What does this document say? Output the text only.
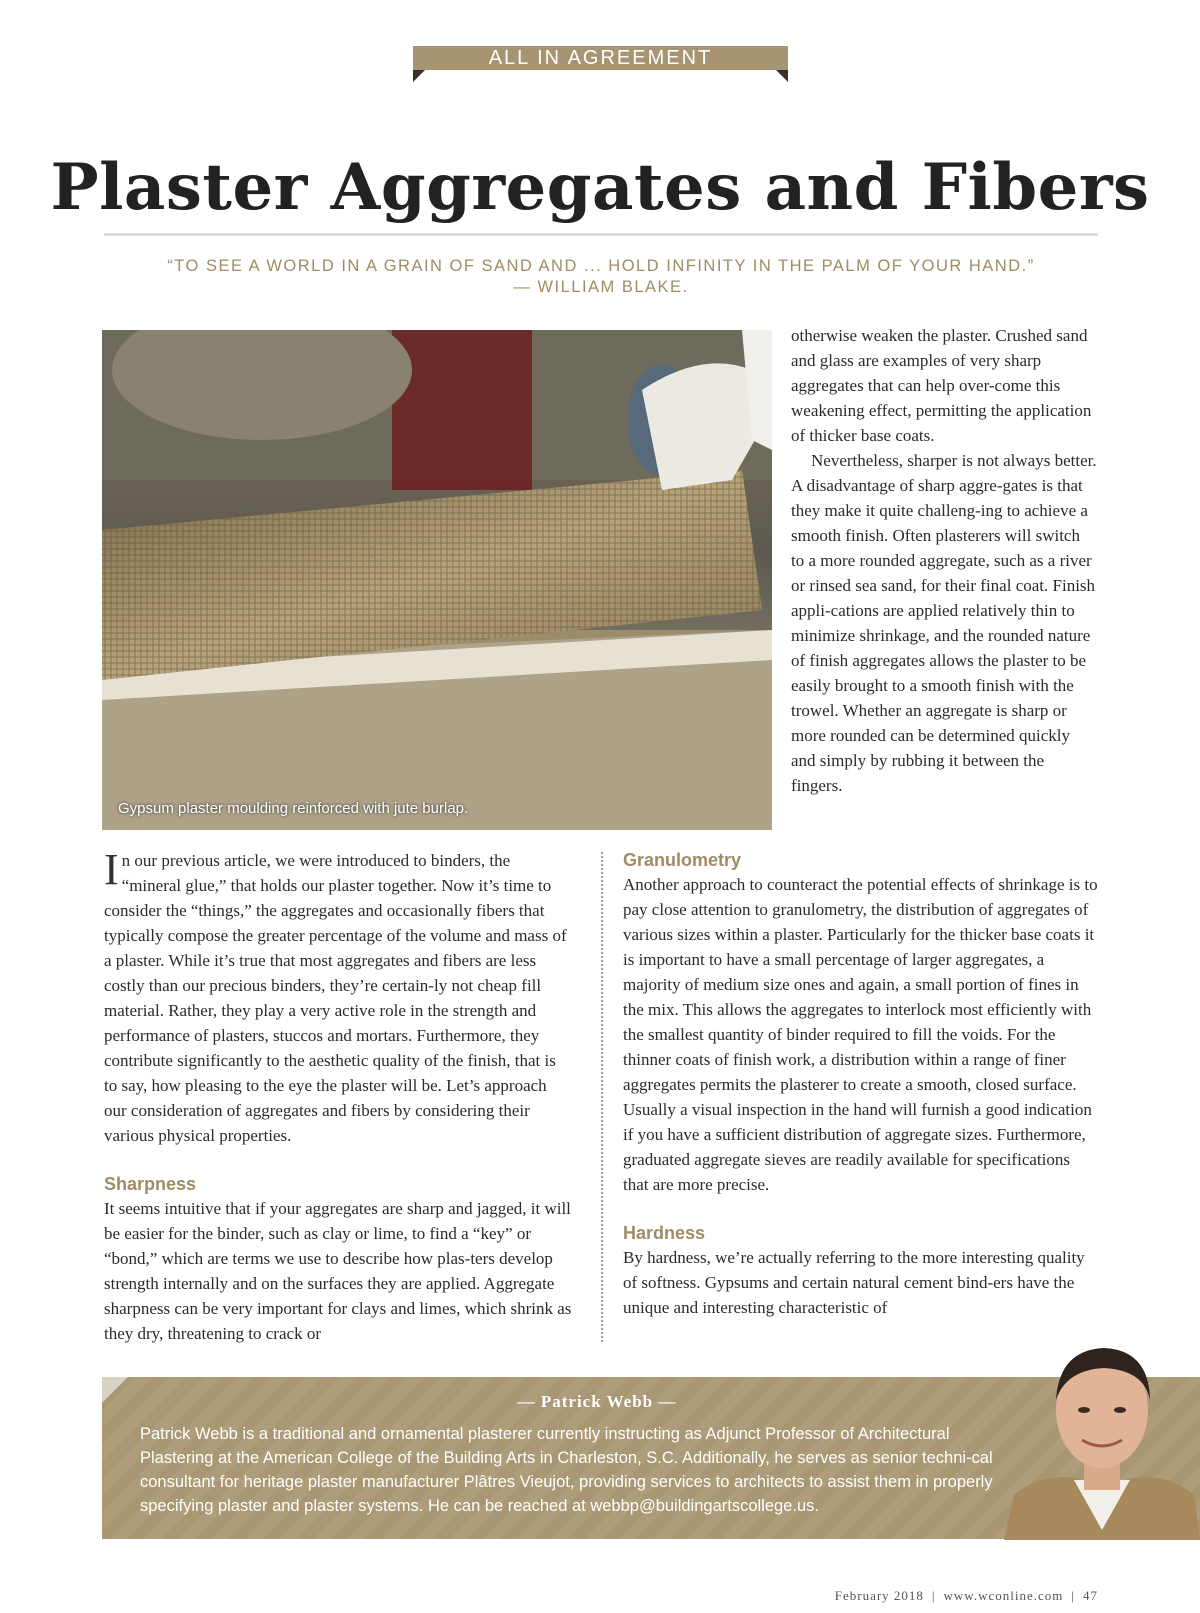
ALL IN AGREEMENT
Plaster Aggregates and Fibers
“TO SEE A WORLD IN A GRAIN OF SAND AND ... HOLD INFINITY IN THE PALM OF YOUR HAND.”
— WILLIAM BLAKE.
Gypsum plaster moulding reinforced with jute burlap.

otherwise weaken the plaster. Crushed sand and glass are examples of very sharp aggregates that can help over-come this weakening effect, permitting the application of thicker base coats.

Nevertheless, sharper is not always better. A disadvantage of sharp aggre-gates is that they make it quite challeng-ing to achieve a smooth finish. Often plasterers will switch to a more rounded aggregate, such as a river or rinsed sea sand, for their final coat. Finish appli-cations are applied relatively thin to minimize shrinkage, and the rounded nature of finish aggregates allows the plaster to be easily brought to a smooth finish with the trowel. Whether an aggregate is sharp or more rounded can be determined quickly and simply by rubbing it between the fingers.

In our previous article, we were introduced to binders, the “mineral glue,” that holds our plaster together. Now it’s time to consider the “things,” the aggregates and occasionally fibers that typically compose the greater percentage of the volume and mass of a plaster. While it’s true that most aggregates and fibers are less costly than our precious binders, they’re certain-ly not cheap fill material. Rather, they play a very active role in the strength and performance of plasters, stuccos and mortars. Furthermore, they contribute significantly to the aesthetic quality of the finish, that is to say, how pleasing to the eye the plaster will be. Let’s approach our consideration of aggregates and fibers by considering their various physical properties.

Sharpness

It seems intuitive that if your aggregates are sharp and jagged, it will be easier for the binder, such as clay or lime, to find a “key” or “bond,” which are terms we use to describe how plas-ters develop strength internally and on the surfaces they are applied. Aggregate sharpness can be very important for clays and limes, which shrink as they dry, threatening to crack or

Granulometry

Another approach to counteract the potential effects of shrinkage is to pay close attention to granulometry, the distribution of aggregates of various sizes within a plaster. Particularly for the thicker base coats it is important to have a small percentage of larger aggregates, a majority of medium size ones and again, a small portion of fines in the mix. This allows the aggregates to interlock most efficiently with the smallest quantity of binder required to fill the voids. For the thinner coats of finish work, a distribution within a range of finer aggregates permits the plasterer to create a smooth, closed surface. Usually a visual inspection in the hand will furnish a good indication if you have a sufficient distribution of aggregate sizes. Furthermore, graduated aggregate sieves are readily available for specifications that are more precise.

Hardness

By hardness, we’re actually referring to the more interesting quality of softness. Gypsums and certain natural cement bind-ers have the unique and interesting characteristic of

— Patrick Webb —
Patrick Webb is a traditional and ornamental plasterer currently instructing as Adjunct Professor of Architectural Plastering at the American College of the Building Arts in Charleston, S.C. Additionally, he serves as senior techni-cal consultant for heritage plaster manufacturer Plâtres Vieujot, providing services to architects to assist them in properly specifying plaster and plaster systems. He can be reached at webbp@buildingartscollege.us.
February 2018 | www.wconline.com | 47
